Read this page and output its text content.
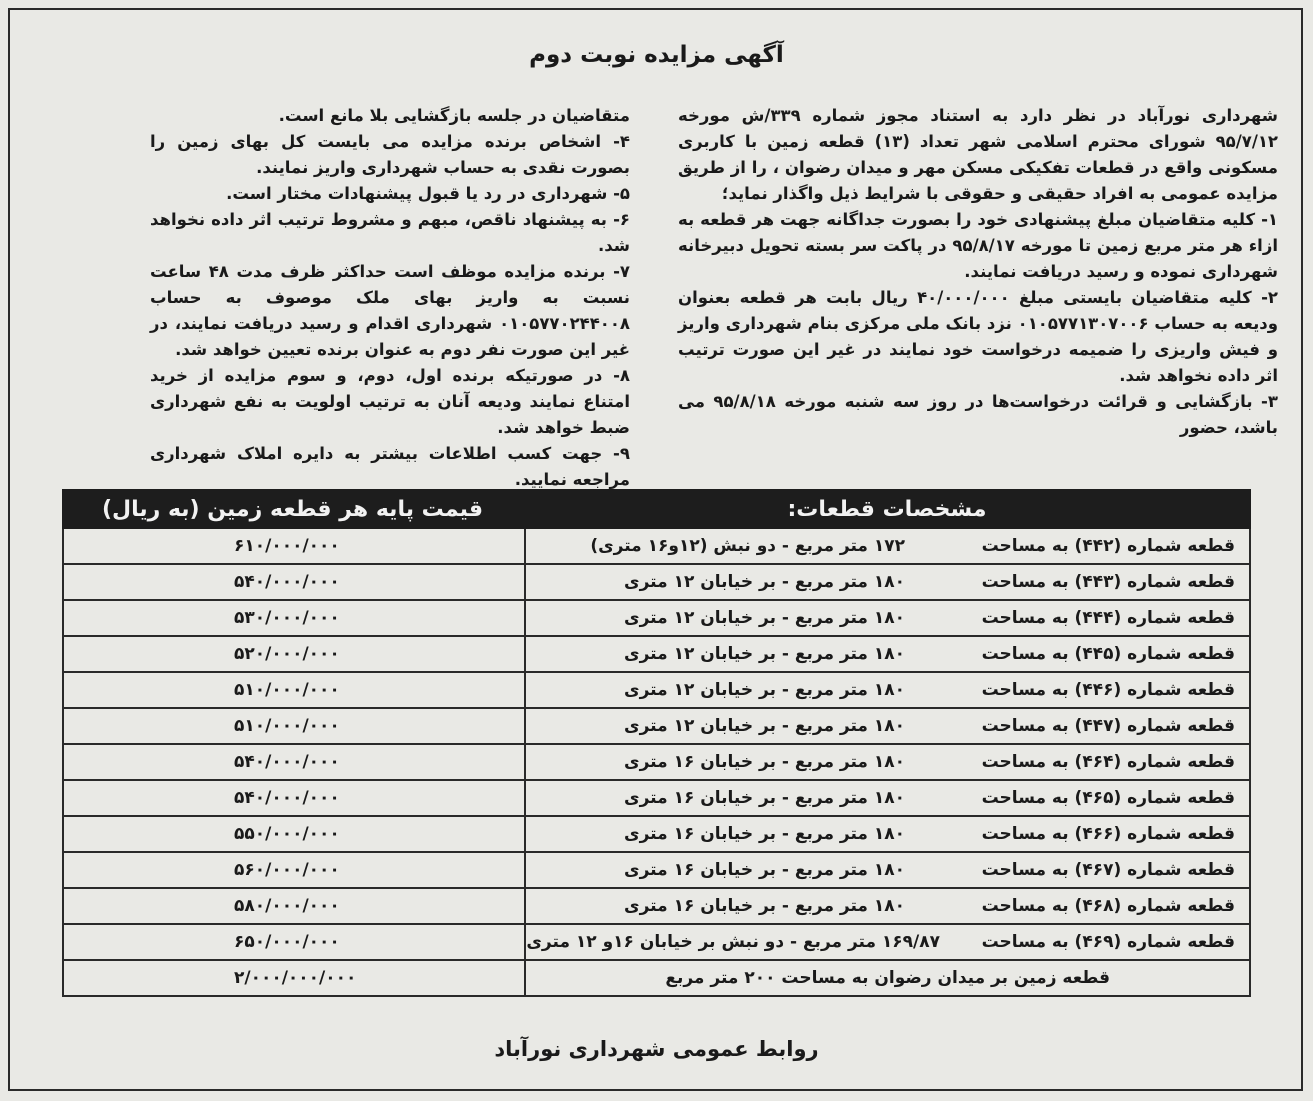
آگهی مزایده نوبت دوم

شهرداری نورآباد در نظر دارد به استناد مجوز شماره ۳۳۹/ش مورخه ۹۵/۷/۱۲ شورای محترم اسلامی شهر تعداد (۱۳) قطعه زمین با کاربری مسکونی واقع در قطعات تفکیکی مسکن مهر و میدان رضوان ، را از طریق مزایده عمومی به افراد حقیقی و حقوقی با شرایط ذیل واگذار نماید؛

۱- کلیه متقاضیان مبلغ پیشنهادی خود را بصورت جداگانه جهت هر قطعه به ازاء هر متر مربع زمین تا مورخه ۹۵/۸/۱۷ در پاکت سر بسته تحویل دبیرخانه شهرداری نموده و رسید دریافت نمایند.

۲- کلیه متقاضیان بایستی مبلغ ۴۰/۰۰۰/۰۰۰ ریال بابت هر قطعه بعنوان ودیعه به حساب ۰۱۰۵۷۷۱۳۰۷۰۰۶ نزد بانک ملی مرکزی بنام شهرداری واریز و فیش واریزی را ضمیمه درخواست خود نمایند در غیر این صورت ترتیب اثر داده نخواهد شد.

۳- بازگشایی و قرائت درخواست‌ها در روز سه شنبه مورخه ۹۵/۸/۱۸ می باشد، حضور

متقاضیان در جلسه بازگشایی بلا مانع است.

۴- اشخاص برنده مزایده می بایست کل بهای زمین را بصورت نقدی به حساب شهرداری واریز نمایند.

۵- شهرداری در رد یا قبول پیشنهادات مختار است.

۶- به پیشنهاد ناقص، مبهم و مشروط ترتیب اثر داده نخواهد شد.

۷- برنده مزایده موظف است حداکثر ظرف مدت ۴۸ ساعت نسبت به واریز بهای ملک موصوف به حساب ۰۱۰۵۷۷۰۲۴۴۰۰۸ شهرداری اقدام و رسید دریافت نمایند، در غیر این صورت نفر دوم به عنوان برنده تعیین خواهد شد.

۸- در صورتیکه برنده اول، دوم، و سوم مزایده از خرید امتناع نمایند ودیعه آنان به ترتیب اولویت به نفع شهرداری ضبط خواهد شد.

۹- جهت کسب اطلاعات بیشتر به دایره املاک شهرداری مراجعه نمایید.

مشخصات قطعات:
قیمت پایه هر قطعه زمین (به ریال)
قطعه شماره (۴۴۲) به مساحت
۱۷۲ متر مربع - دو نبش (۱۲و۱۶ متری)
۶۱۰/۰۰۰/۰۰۰
قطعه شماره (۴۴۳) به مساحت
۱۸۰ متر مربع - بر خیابان ۱۲ متری
۵۴۰/۰۰۰/۰۰۰
قطعه شماره (۴۴۴) به مساحت
۱۸۰ متر مربع - بر خیابان ۱۲ متری
۵۳۰/۰۰۰/۰۰۰
قطعه شماره (۴۴۵) به مساحت
۱۸۰ متر مربع - بر خیابان ۱۲ متری
۵۲۰/۰۰۰/۰۰۰
قطعه شماره (۴۴۶) به مساحت
۱۸۰ متر مربع - بر خیابان ۱۲ متری
۵۱۰/۰۰۰/۰۰۰
قطعه شماره (۴۴۷) به مساحت
۱۸۰ متر مربع - بر خیابان ۱۲ متری
۵۱۰/۰۰۰/۰۰۰
قطعه شماره (۴۶۴) به مساحت
۱۸۰ متر مربع - بر خیابان ۱۶ متری
۵۴۰/۰۰۰/۰۰۰
قطعه شماره (۴۶۵) به مساحت
۱۸۰ متر مربع - بر خیابان ۱۶ متری
۵۴۰/۰۰۰/۰۰۰
قطعه شماره (۴۶۶) به مساحت
۱۸۰ متر مربع - بر خیابان ۱۶ متری
۵۵۰/۰۰۰/۰۰۰
قطعه شماره (۴۶۷) به مساحت
۱۸۰ متر مربع - بر خیابان ۱۶ متری
۵۶۰/۰۰۰/۰۰۰
قطعه شماره (۴۶۸) به مساحت
۱۸۰ متر مربع - بر خیابان ۱۶ متری
۵۸۰/۰۰۰/۰۰۰
قطعه شماره (۴۶۹) به مساحت
۱۶۹/۸۷ متر مربع - دو نبش بر خیابان ۱۶و ۱۲ متری
۶۵۰/۰۰۰/۰۰۰
قطعه زمین بر میدان رضوان به مساحت ۲۰۰ متر مربع
۲/۰۰۰/۰۰۰/۰۰۰
روابط عمومی شهرداری نورآباد
